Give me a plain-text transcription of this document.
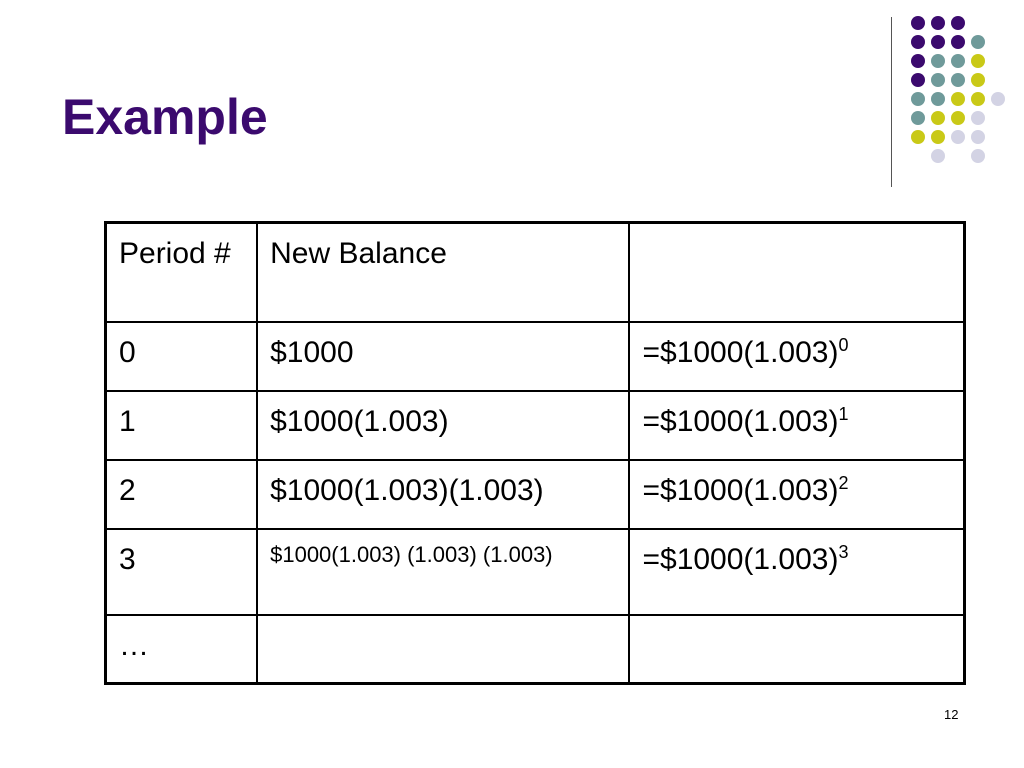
Example
Period #	New Balance	
0	$1000	$=\$1000(1.003)^0$
1	$1000(1.003)	$=\$1000(1.003)^1$
2	$1000(1.003)(1.003)	$=\$1000(1.003)^2$
3	$1000(1.003) (1.003) (1.003)	$=\$1000(1.003)^3$
…		
12
